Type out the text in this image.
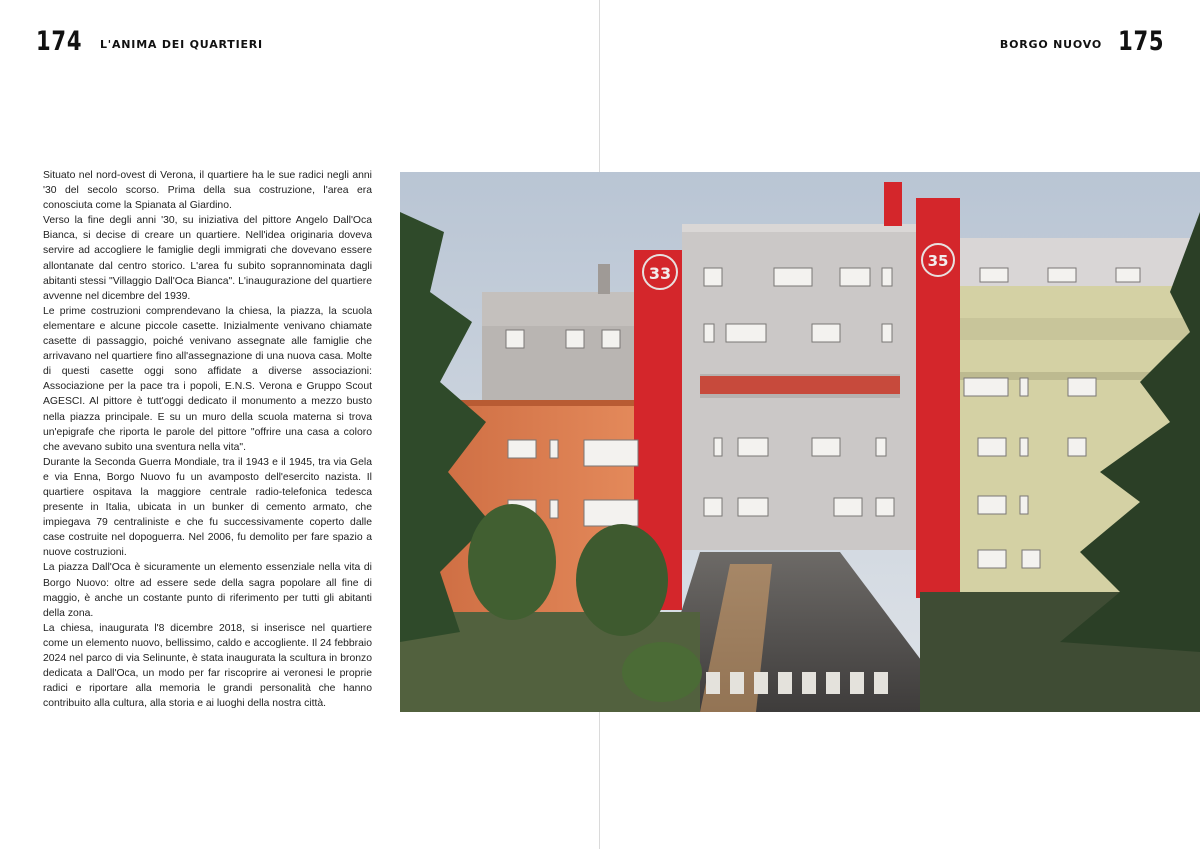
174 L'ANIMA DEI QUARTIERI

Situato nel nord-ovest di Verona, il quartiere ha le sue radici negli anni '30 del secolo scorso. Prima della sua costruzione, l'area era conosciuta come la Spianata al Giardino.

Verso la fine degli anni '30, su iniziativa del pittore Angelo Dall'Oca Bianca, si decise di creare un quartiere. Nell'idea originaria doveva servire ad accogliere le famiglie degli immigrati che dovevano essere allontanate dal centro storico. L'area fu subito soprannominata dagli abitanti stessi "Villaggio Dall'Oca Bianca". L'inaugurazione del quartiere avvenne nel dicembre del 1939.

Le prime costruzioni comprendevano la chiesa, la piazza, la scuola elementare e alcune piccole casette. Inizialmente venivano chiamate casette di passaggio, poiché venivano assegnate alle famiglie che arrivavano nel quartiere fino all'assegnazione di una nuova casa. Molte di questi casette oggi sono affidate a diverse associazioni: Associazione per la pace tra i popoli, E.N.S. Verona e Gruppo Scout AGESCI. Al pittore è tutt'oggi dedicato il monumento a mezzo busto nella piazza principale. E su un muro della scuola materna si trova un'epigrafe che riporta le parole del pittore "offrire una casa a coloro che avevano subito una sventura nella vita".

Durante la Seconda Guerra Mondiale, tra il 1943 e il 1945, tra via Gela e via Enna, Borgo Nuovo fu un avamposto dell'esercito nazista. Il quartiere ospitava la maggiore centrale radio-telefonica tedesca presente in Italia, ubicata in un bunker di cemento armato, che impiegava 79 centraliniste e che fu successivamente coperto dalle case costruite nel dopoguerra. Nel 2006, fu demolito per fare spazio a nuove costruzioni.

La piazza Dall'Oca è sicuramente un elemento essenziale nella vita di Borgo Nuovo: oltre ad essere sede della sagra popolare all fine di maggio, è anche un costante punto di riferimento per tutti gli abitanti della zona.

La chiesa, inaugurata l'8 dicembre 2018, si inserisce nel quartiere come un elemento nuovo, bellissimo, caldo e accogliente. Il 24 febbraio 2024 nel parco di via Selinunte, è stata inaugurata la scultura in bronzo dedicata a Dall'Oca, un modo per far riscoprire ai veronesi le proprie radici e riportare alla memoria le grandi personalità che hanno contribuito alla cultura, alla storia e ai luoghi della nostra città.

BORGO NUOVO 175
33
35
